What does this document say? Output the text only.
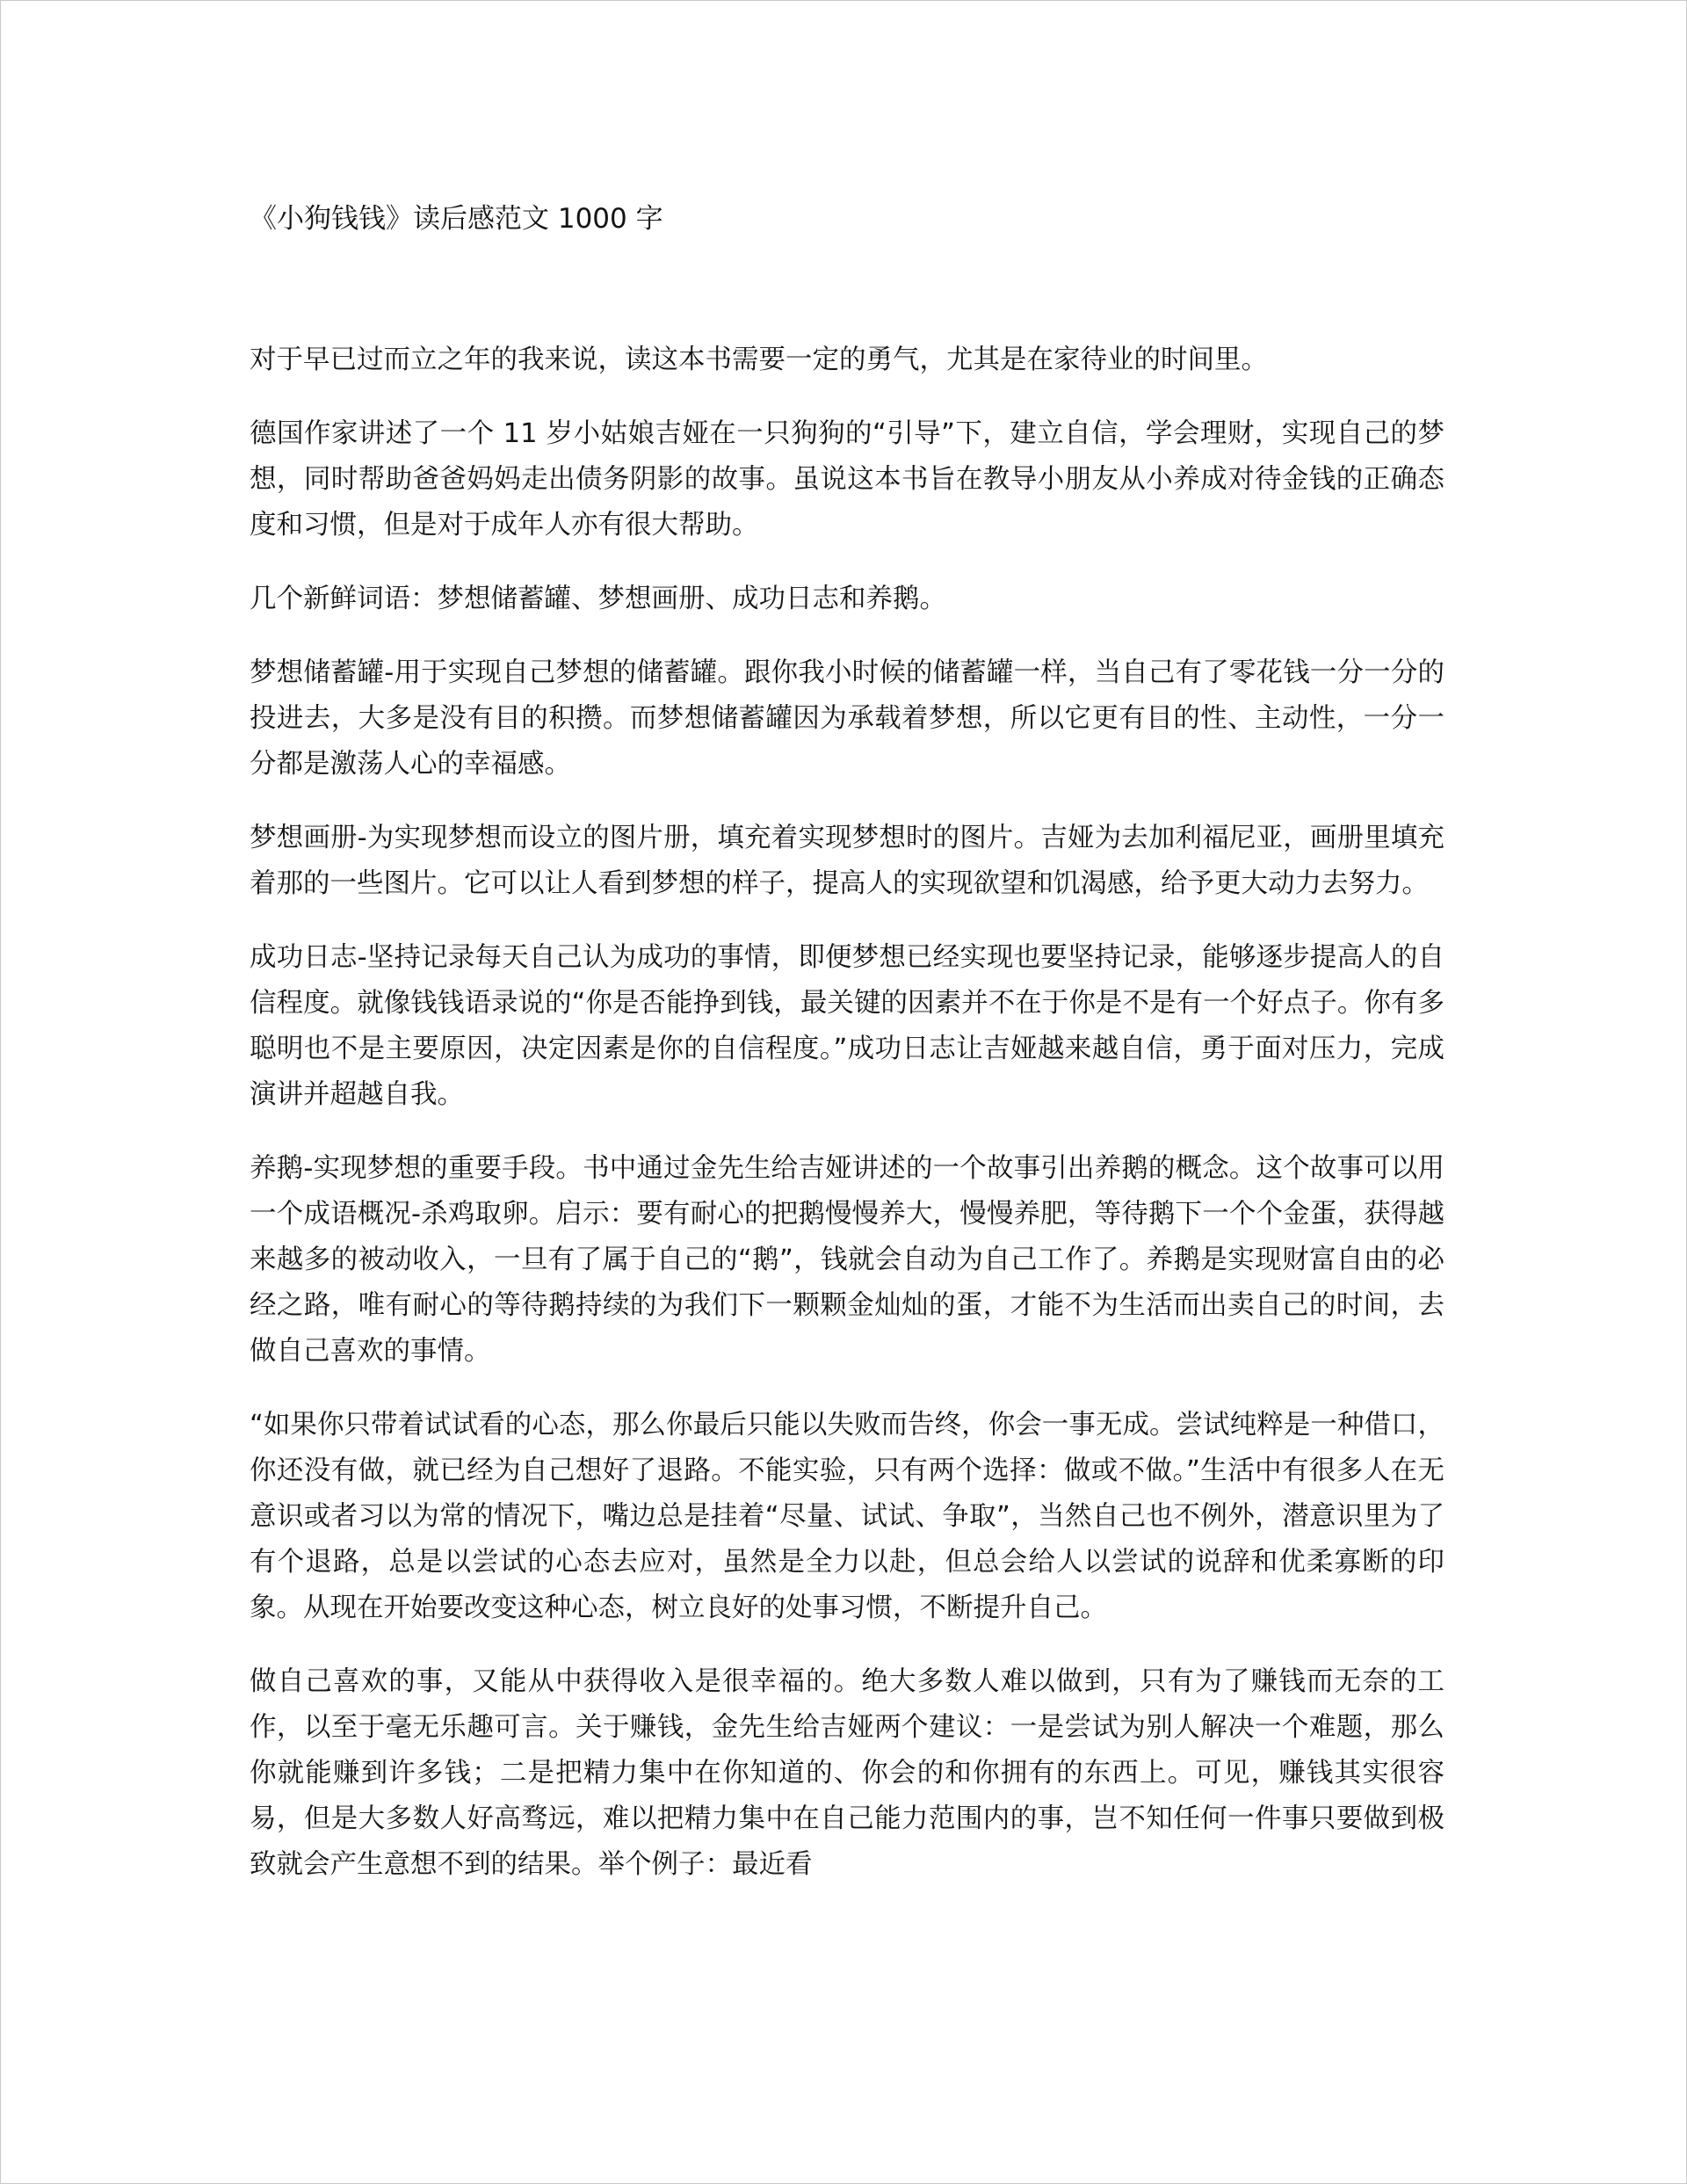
《小狗钱钱》读后感范文 1000 字

对于早已过而立之年的我来说，读这本书需要一定的勇气，尤其是在家待业的时间里。

德国作家讲述了一个 11 岁小姑娘吉娅在一只狗狗的“引导”下，建立自信，学会理财，实现自己的梦想，同时帮助爸爸妈妈走出债务阴影的故事。虽说这本书旨在教导小朋友从小养成对待金钱的正确态度和习惯，但是对于成年人亦有很大帮助。

几个新鲜词语：梦想储蓄罐、梦想画册、成功日志和养鹅。

梦想储蓄罐-用于实现自己梦想的储蓄罐。跟你我小时候的储蓄罐一样，当自己有了零花钱一分一分的投进去，大多是没有目的积攒。而梦想储蓄罐因为承载着梦想，所以它更有目的性、主动性，一分一分都是激荡人心的幸福感。

梦想画册-为实现梦想而设立的图片册，填充着实现梦想时的图片。吉娅为去加利福尼亚，画册里填充着那的一些图片。它可以让人看到梦想的样子，提高人的实现欲望和饥渴感，给予更大动力去努力。

成功日志-坚持记录每天自己认为成功的事情，即便梦想已经实现也要坚持记录，能够逐步提高人的自信程度。就像钱钱语录说的“你是否能挣到钱，最关键的因素并不在于你是不是有一个好点子。你有多聪明也不是主要原因，决定因素是你的自信程度。”成功日志让吉娅越来越自信，勇于面对压力，完成演讲并超越自我。

养鹅-实现梦想的重要手段。书中通过金先生给吉娅讲述的一个故事引出养鹅的概念。这个故事可以用一个成语概况-杀鸡取卵。启示：要有耐心的把鹅慢慢养大，慢慢养肥，等待鹅下一个个金蛋，获得越来越多的被动收入，一旦有了属于自己的“鹅”，钱就会自动为自己工作了。养鹅是实现财富自由的必经之路，唯有耐心的等待鹅持续的为我们下一颗颗金灿灿的蛋，才能不为生活而出卖自己的时间，去做自己喜欢的事情。

“如果你只带着试试看的心态，那么你最后只能以失败而告终，你会一事无成。尝试纯粹是一种借口，你还没有做，就已经为自己想好了退路。不能实验，只有两个选择：做或不做。”生活中有很多人在无意识或者习以为常的情况下，嘴边总是挂着“尽量、试试、争取”，当然自己也不例外，潜意识里为了有个退路，总是以尝试的心态去应对，虽然是全力以赴，但总会给人以尝试的说辞和优柔寡断的印象。从现在开始要改变这种心态，树立良好的处事习惯，不断提升自己。

做自己喜欢的事，又能从中获得收入是很幸福的。绝大多数人难以做到，只有为了赚钱而无奈的工作，以至于毫无乐趣可言。关于赚钱，金先生给吉娅两个建议：一是尝试为别人解决一个难题，那么你就能赚到许多钱；二是把精力集中在你知道的、你会的和你拥有的东西上。可见，赚钱其实很容易，但是大多数人好高骛远，难以把精力集中在自己能力范围内的事，岂不知任何一件事只要做到极致就会产生意想不到的结果。举个例子：最近看
